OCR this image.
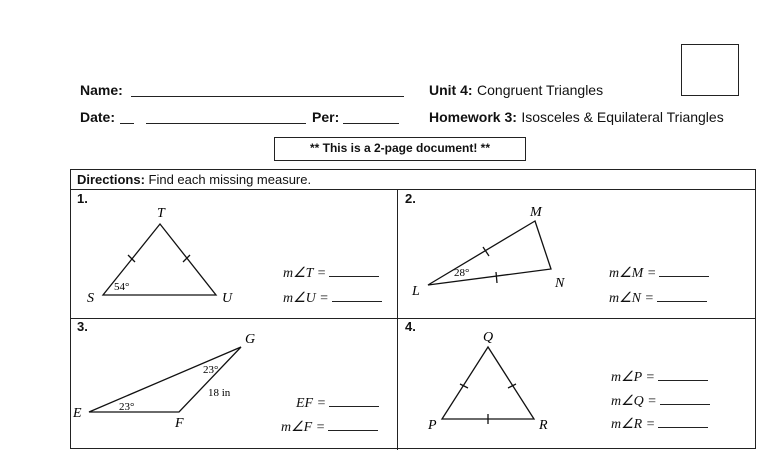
Name:
Date:	Per:
Unit 4: Congruent Triangles
Homework 3: Isosceles & Equilateral Triangles
** This is a 2-page document! **
Directions: Find each missing measure.
1.	2.
3.	4.
T
S	U
54°
M
L
N
28°
G
E
F
23°
23°
18 in
Q
P	R
m∠T =
m∠U =
m∠M =
m∠N =
EF =
m∠F =
m∠P =
m∠Q =
m∠R =
